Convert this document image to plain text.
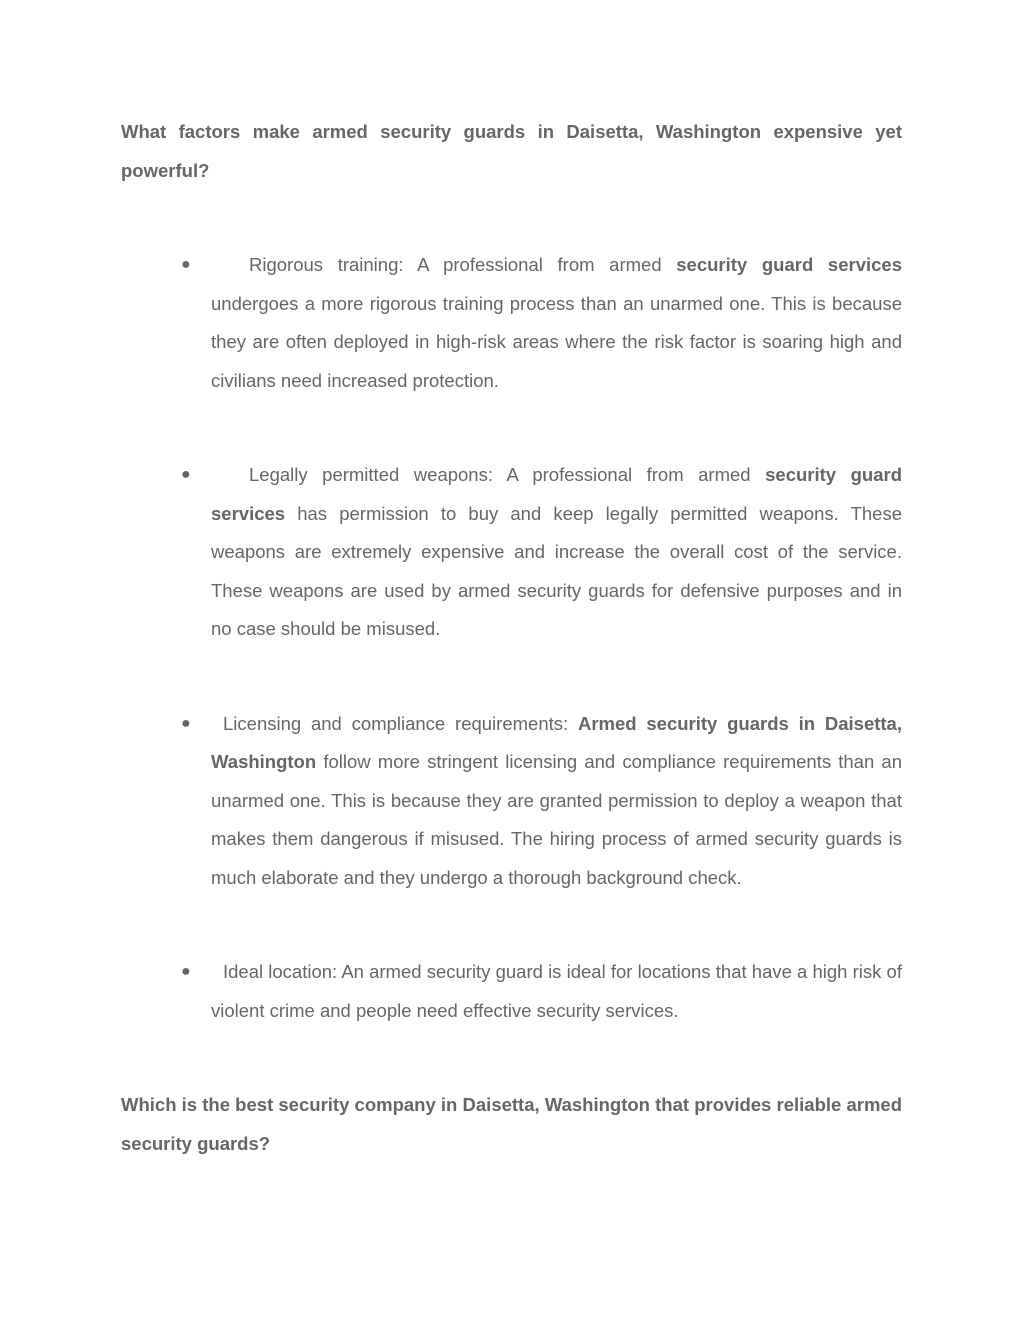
What factors make armed security guards in Daisetta, Washington expensive yet powerful?

●	Rigorous training: A professional from armed security guard services undergoes a more rigorous training process than an unarmed one. This is because they are often deployed in high-risk areas where the risk factor is soaring high and civilians need increased protection.
●	Legally permitted weapons: A professional from armed security guard services has permission to buy and keep legally permitted weapons. These weapons are extremely expensive and increase the overall cost of the service. These weapons are used by armed security guards for defensive purposes and in no case should be misused.
● Licensing and compliance requirements: Armed security guards in Daisetta, Washington follow more stringent licensing and compliance requirements than an unarmed one. This is because they are granted permission to deploy a weapon that makes them dangerous if misused. The hiring process of armed security guards is much elaborate and they undergo a thorough background check.
● Ideal location: An armed security guard is ideal for locations that have a high risk of violent crime and people need effective security services.

Which is the best security company in Daisetta, Washington that provides reliable armed security guards?
